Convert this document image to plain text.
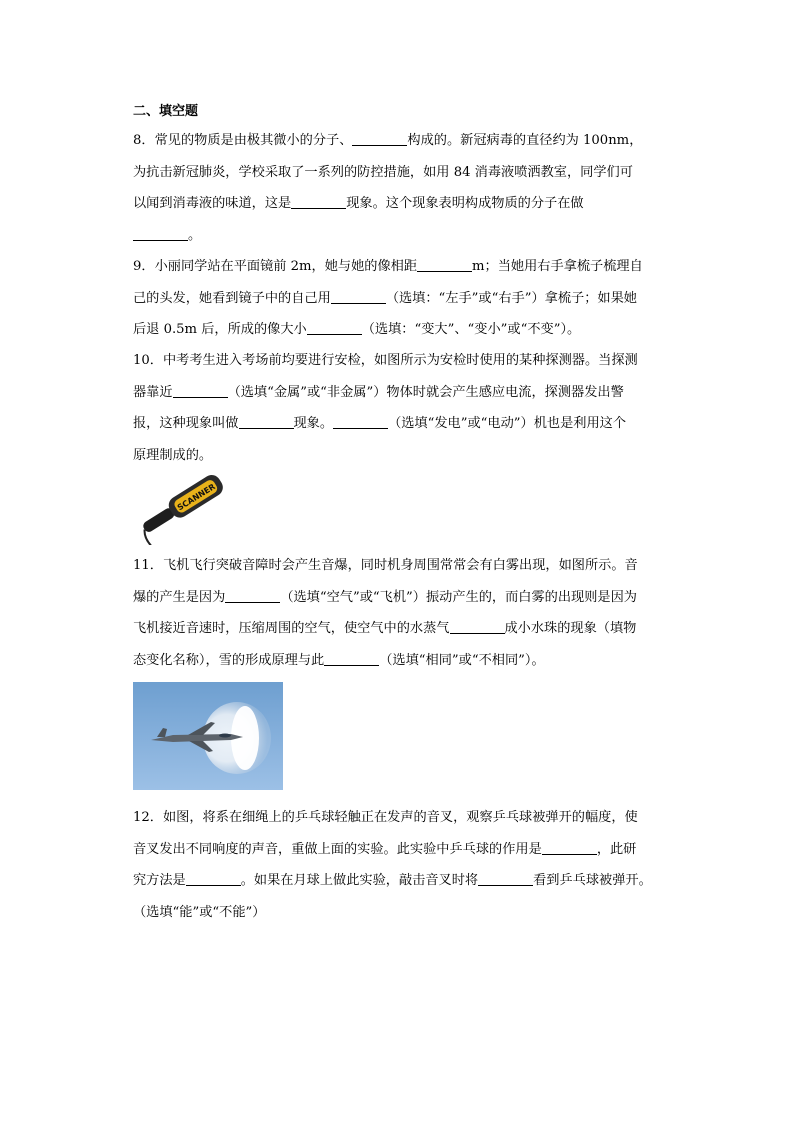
二、填空题
8．常见的物质是由极其微小的分子、	构成的。新冠病毒的直径约为 100nm，
为抗击新冠肺炎，学校采取了一系列的防控措施，如用 84 消毒液喷洒教室，同学们可
以闻到消毒液的味道，这是	现象。这个现象表明构成物质的分子在做
。
9．小丽同学站在平面镜前 2m，她与她的像相距	m；当她用右手拿梳子梳理自
己的头发，她看到镜子中的自己用	（选填：“左手”或“右手”）拿梳子；如果她
后退 0.5m 后，所成的像大小	（选填：“变大”、“变小”或“不变”）。
10．中考考生进入考场前均要进行安检，如图所示为安检时使用的某种探测器。当探测
器靠近	（选填“金属”或“非金属”）物体时就会产生感应电流，探测器发出警
报，这种现象叫做	现象。	（选填“发电”或“电动”）机也是利用这个
原理制成的。
SCANNER
11．飞机飞行突破音障时会产生音爆，同时机身周围常常会有白雾出现，如图所示。音
爆的产生是因为	（选填“空气”或“飞机”）振动产生的，而白雾的出现则是因为
飞机接近音速时，压缩周围的空气，使空气中的水蒸气	成小水珠的现象（填物
态变化名称），雪的形成原理与此	（选填“相同”或“不相同”）。
12．如图，将系在细绳上的乒乓球轻触正在发声的音叉，观察乒乓球被弹开的幅度，使
音叉发出不同响度的声音，重做上面的实验。此实验中乒乓球的作用是	，此研
究方法是	。如果在月球上做此实验，敲击音叉时将	看到乒乓球被弹开。
（选填“能”或“不能”）
